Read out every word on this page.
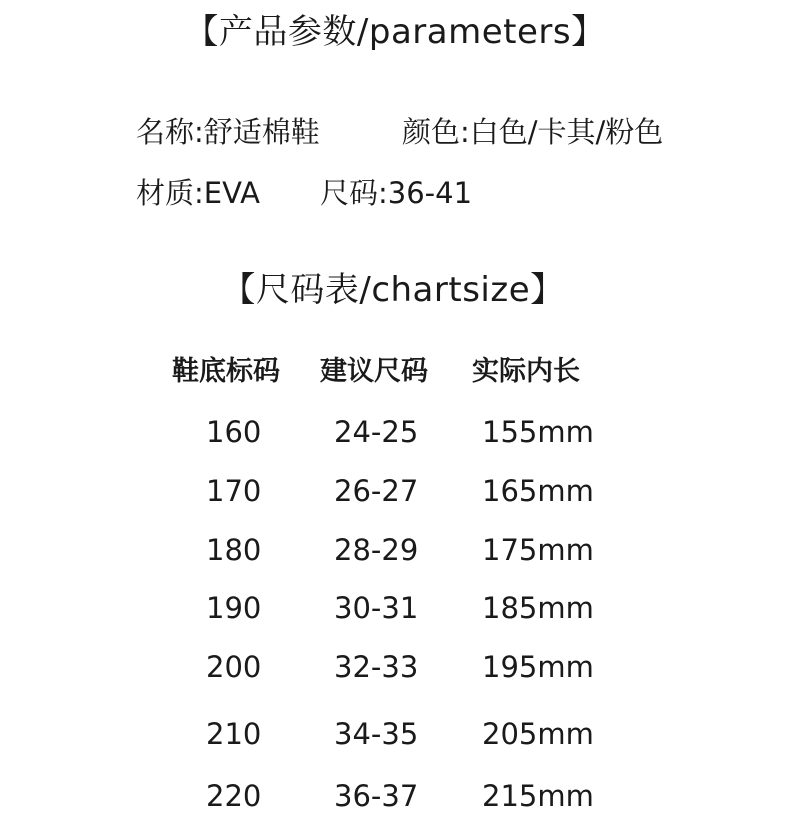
【产品参数/parameters】
名称:舒适棉鞋	颜色:白色/卡其/粉色
材质:EVA 尺码:36-41
【尺码表/chartsize】
鞋底标码 建议尺码 实际内长
160	24-25 155mm
170	26-27 165mm
180	28-29 175mm
190	30-31 185mm
200	32-33 195mm
210	34-35 205mm
220	36-37 215mm
